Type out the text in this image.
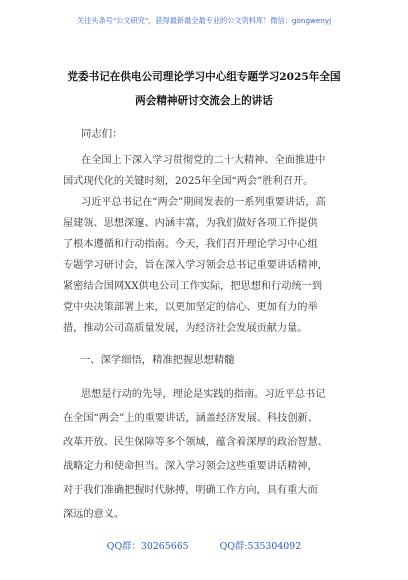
关注头条号"公文研究"，获得最新最全最专业的公文资料库！微信：gongwenyj
党委书记在供电公司理论学习中心组专题学习2025年全国
两会精神研讨交流会上的讲话
同志们：
在全国上下深入学习贯彻党的二十大精神、全面推进中
国式现代化的关键时刻，2025年全国“两会”胜利召开。
习近平总书记在“两会”期间发表的一系列重要讲话，高
屋建瓴、思想深邃、内涵丰富，为我们做好各项工作提供
了根本遵循和行动指南。今天，我们召开理论学习中心组
专题学习研讨会，旨在深入学习领会总书记重要讲话精神，
紧密结合国网XX供电公司工作实际，把思想和行动统一到
党中央决策部署上来，以更加坚定的信心、更加有力的举
措，推动公司高质量发展，为经济社会发展贡献力量。
一、深学细悟，精准把握思想精髓
思想是行动的先导，理论是实践的指南。习近平总书记
在全国“两会”上的重要讲话，涵盖经济发展、科技创新、
改革开放、民生保障等多个领域，蕴含着深厚的政治智慧、
战略定力和使命担当。深入学习领会这些重要讲话精神，
对于我们准确把握时代脉搏，明确工作方向，具有重大而
深远的意义。
QQ群：30265665	QQ群:535304092
